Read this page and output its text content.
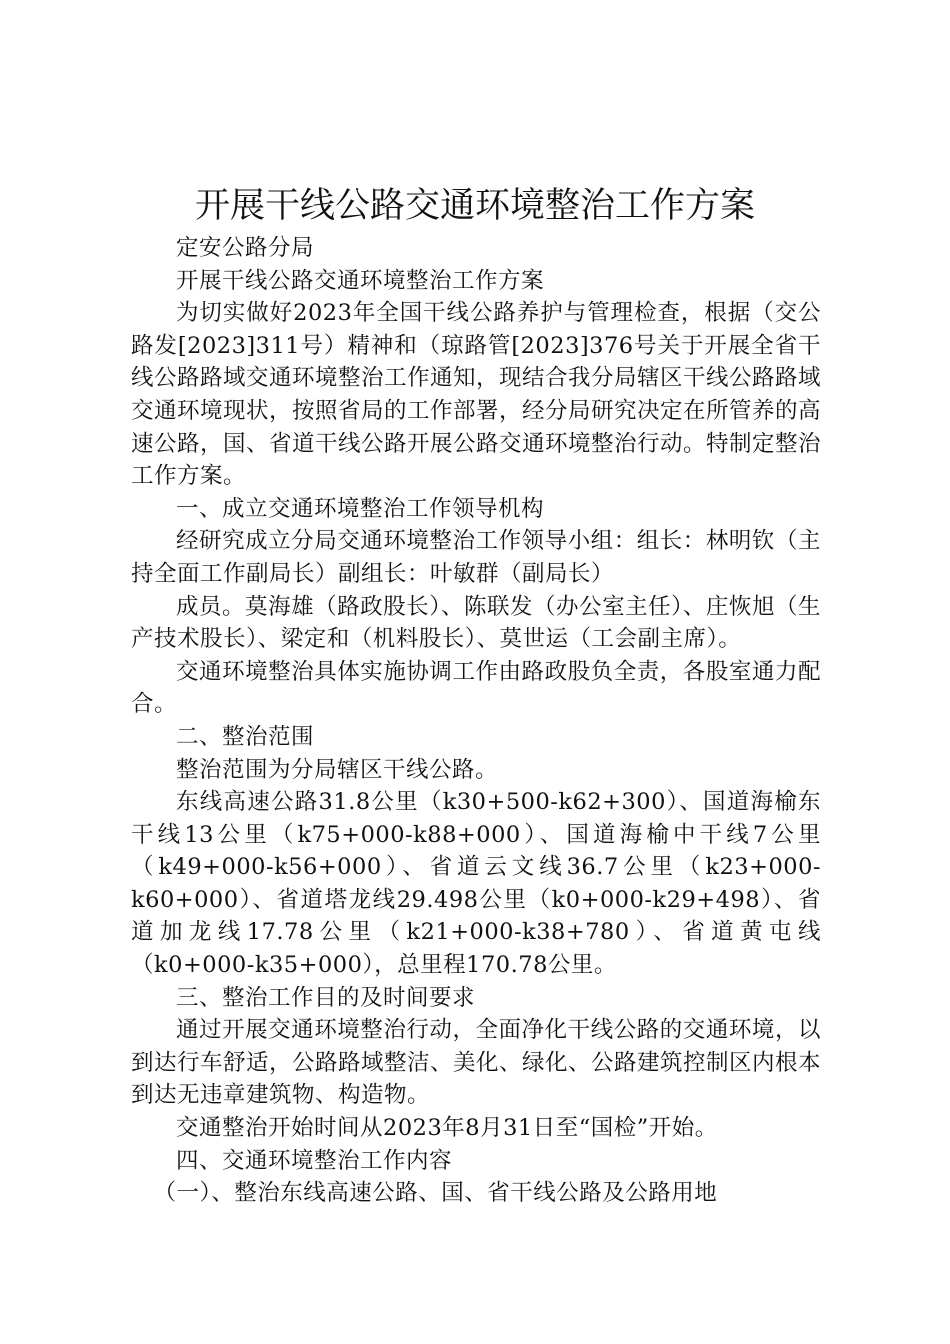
开展干线公路交通环境整治工作方案

定安公路分局

开展干线公路交通环境整治工作方案

为切实做好2023年全国干线公路养护与管理检查，根据（交公路发[2023]311号）精神和（琼路管[2023]376号关于开展全省干线公路路域交通环境整治工作通知，现结合我分局辖区干线公路路域交通环境现状，按照省局的工作部署，经分局研究决定在所管养的高速公路，国、省道干线公路开展公路交通环境整治行动。特制定整治工作方案。

一、成立交通环境整治工作领导机构

经研究成立分局交通环境整治工作领导小组：组长：林明钦（主持全面工作副局长）副组长：叶敏群（副局长）

成员。莫海雄（路政股长）、陈联发（办公室主任）、庄恢旭（生产技术股长）、梁定和（机料股长）、莫世运（工会副主席）。

交通环境整治具体实施协调工作由路政股负全责，各股室通力配合。

二、整治范围

整治范围为分局辖区干线公路。

东线高速公路31.8公里（k30+500-k62+300）、国道海榆东干线13公里（k75+000-k88+000）、国道海榆中干线7公里（k49+000-k56+000）、省道云文线36.7公里（k23+000-k60+000）、省道塔龙线29.498公里（k0+000-k29+498）、省道加龙线17.78公里（k21+000-k38+780）、省道黄屯线（k0+000-k35+000），总里程170.78公里。

三、整治工作目的及时间要求

通过开展交通环境整治行动，全面净化干线公路的交通环境，以到达行车舒适，公路路域整洁、美化、绿化、公路建筑控制区内根本到达无违章建筑物、构造物。

交通整治开始时间从2023年8月31日至“国检”开始。

四、交通环境整治工作内容

（一）、整治东线高速公路、国、省干线公路及公路用地
